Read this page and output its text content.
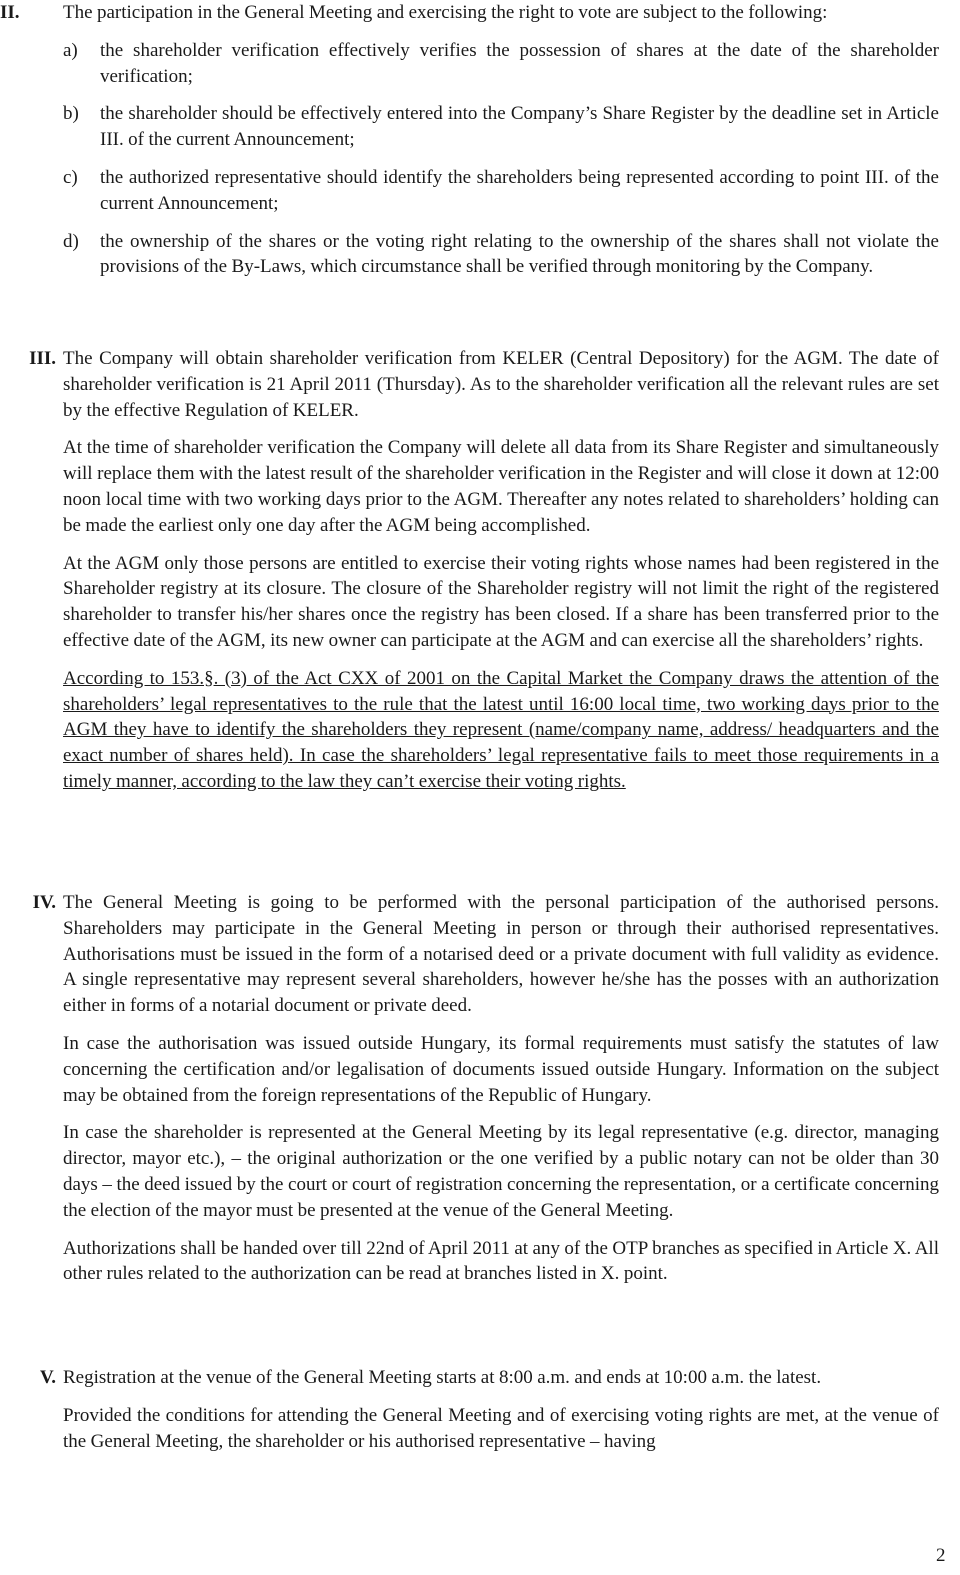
II.	The participation in the General Meeting and exercising the right to vote are subject to the following:

a) the shareholder verification effectively verifies the possession of shares at the date of the shareholder verification;
b) the shareholder should be effectively entered into the Company’s Share Register by the deadline set in Article III. of the current Announcement;
c) the authorized representative should identify the shareholders being represented according to point III. of the current Announcement;
d) the ownership of the shares or the voting right relating to the ownership of the shares shall not violate the provisions of the By-Laws, which circumstance shall be verified through monitoring by the Company.
III. The Company will obtain shareholder verification from KELER (Central Depository) for the AGM. The date of shareholder verification is 21 April 2011 (Thursday). As to the shareholder verification all the relevant rules are set by the effective Regulation of KELER.

At the time of shareholder verification the Company will delete all data from its Share Register and simultaneously will replace them with the latest result of the shareholder verification in the Register and will close it down at 12:00 noon local time with two working days prior to the AGM. Thereafter any notes related to shareholders’ holding can be made the earliest only one day after the AGM being accomplished.

At the AGM only those persons are entitled to exercise their voting rights whose names had been registered in the Shareholder registry at its closure. The closure of the Shareholder registry will not limit the right of the registered shareholder to transfer his/her shares once the registry has been closed. If a share has been transferred prior to the effective date of the AGM, its new owner can participate at the AGM and can exercise all the shareholders’ rights.

According to 153.§. (3) of the Act CXX of 2001 on the Capital Market the Company draws the attention of the shareholders’ legal representatives to the rule that the latest until 16:00 local time, two working days prior to the AGM they have to identify the shareholders they represent (name/company name, address/ headquarters and the exact number of shares held). In case the shareholders’ legal representative fails to meet those requirements in a timely manner, according to the law they can’t exercise their voting rights.

IV. The General Meeting is going to be performed with the personal participation of the authorised persons. Shareholders may participate in the General Meeting in person or through their authorised representatives. Authorisations must be issued in the form of a notarised deed or a private document with full validity as evidence. A single representative may represent several shareholders, however he/she has the posses with an authorization either in forms of a notarial document or private deed.

In case the authorisation was issued outside Hungary, its formal requirements must satisfy the statutes of law concerning the certification and/or legalisation of documents issued outside Hungary. Information on the subject may be obtained from the foreign representations of the Republic of Hungary.

In case the shareholder is represented at the General Meeting by its legal representative (e.g. director, managing director, mayor etc.), – the original authorization or the one verified by a public notary can not be older than 30 days – the deed issued by the court or court of registration concerning the representation, or a certificate concerning the election of the mayor must be presented at the venue of the General Meeting.

Authorizations shall be handed over till 22nd of April 2011 at any of the OTP branches as specified in Article X. All other rules related to the authorization can be read at branches listed in X. point.

V. Registration at the venue of the General Meeting starts at 8:00 a.m. and ends at 10:00 a.m. the latest.

Provided the conditions for attending the General Meeting and of exercising voting rights are met, at the venue of the General Meeting, the shareholder or his authorised representative – having

2
